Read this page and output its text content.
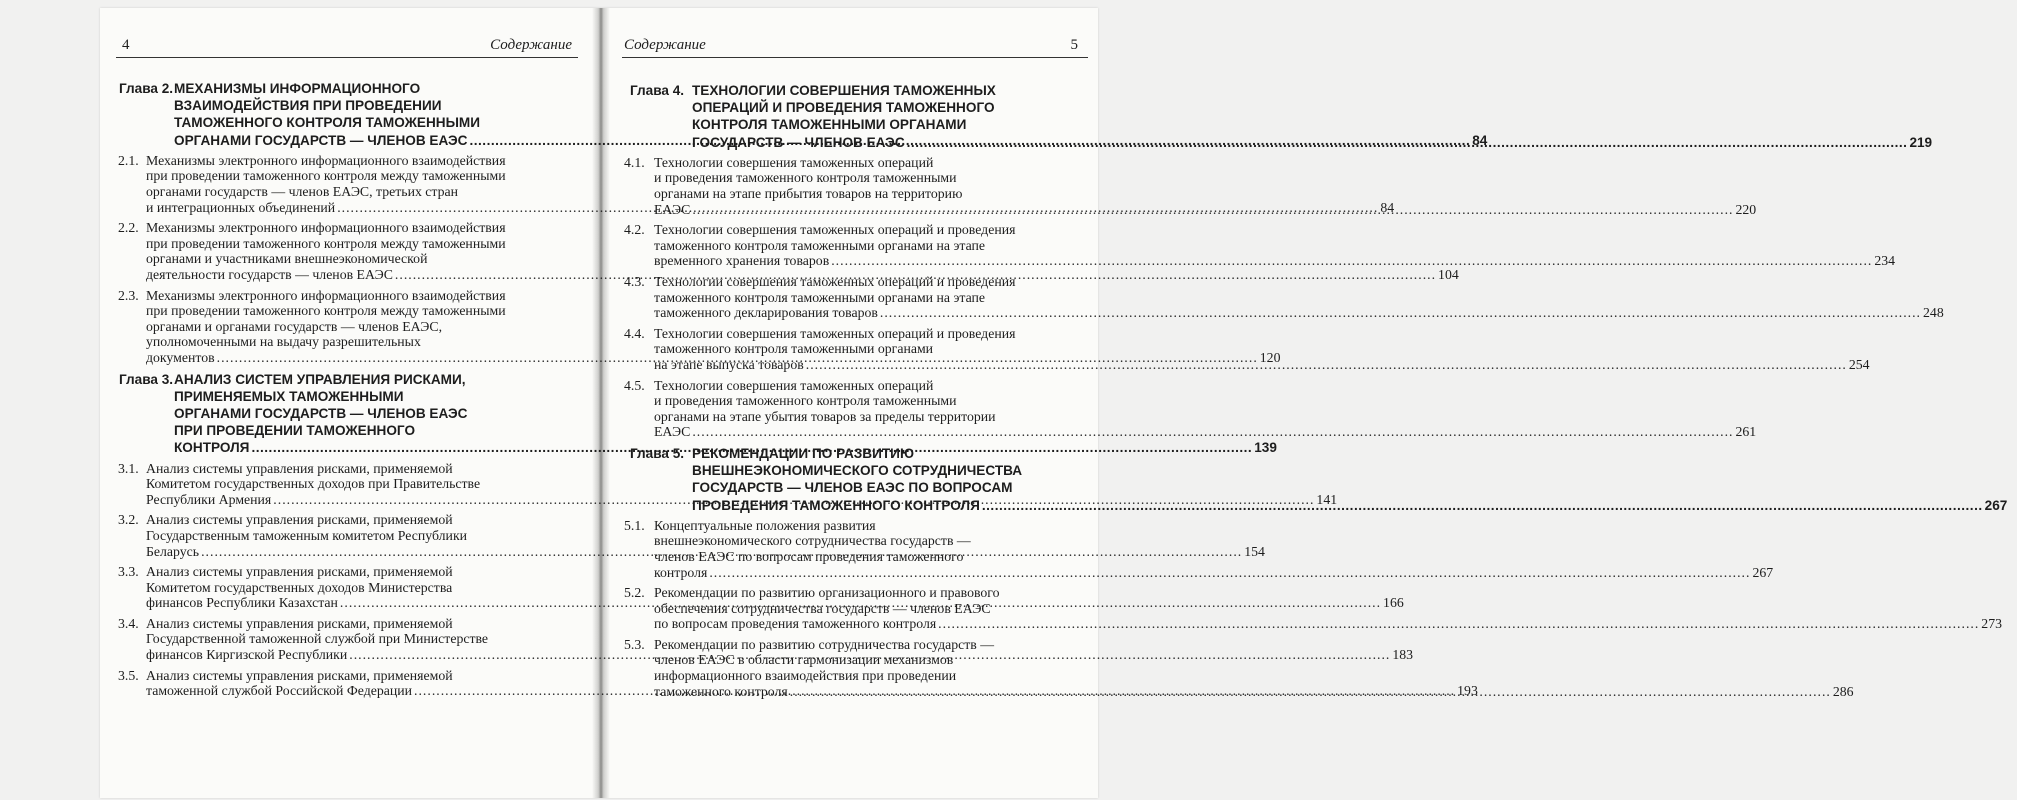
4	Содержание
Глава 2. МЕХАНИЗМЫ ИНФОРМАЦИОННОГО
ВЗАИМОДЕЙСТВИЯ ПРИ ПРОВЕДЕНИИ
ТАМОЖЕННОГО КОНТРОЛЯ ТАМОЖЕННЫМИ
ОРГАНАМИ ГОСУДАРСТВ — ЧЛЕНОВ ЕАЭС .....	84
2.1. Механизмы электронного информационного взаимодействия
при проведении таможенного контроля между таможенными
органами государств — членов ЕАЭС, третьих стран
и интеграционных объединений .....	84
2.2. Механизмы электронного информационного взаимодействия
при проведении таможенного контроля между таможенными
органами и участниками внешнеэкономической
деятельности государств — членов ЕАЭС .....	104
2.3. Механизмы электронного информационного взаимодействия
при проведении таможенного контроля между таможенными
органами и органами государств — членов ЕАЭС,
уполномоченными на выдачу разрешительных
документов .....	120
Глава 3. АНАЛИЗ СИСТЕМ УПРАВЛЕНИЯ РИСКАМИ,
ПРИМЕНЯЕМЫХ ТАМОЖЕННЫМИ
ОРГАНАМИ ГОСУДАРСТВ — ЧЛЕНОВ ЕАЭС
ПРИ ПРОВЕДЕНИИ ТАМОЖЕННОГО
КОНТРОЛЯ .....	139
3.1. Анализ системы управления рисками, применяемой
Комитетом государственных доходов при Правительстве
Республики Армения .....	141
3.2. Анализ системы управления рисками, применяемой
Государственным таможенным комитетом Республики
Беларусь .....	154
3.3. Анализ системы управления рисками, применяемой
Комитетом государственных доходов Министерства
финансов Республики Казахстан .....	166
3.4. Анализ системы управления рисками, применяемой
Государственной таможенной службой при Министерстве
финансов Киргизской Республики .....	183
3.5. Анализ системы управления рисками, применяемой
таможенной службой Российской Федерации .....	193
Содержание	5
Глава 4. ТЕХНОЛОГИИ СОВЕРШЕНИЯ ТАМОЖЕННЫХ
ОПЕРАЦИЙ И ПРОВЕДЕНИЯ ТАМОЖЕННОГО
КОНТРОЛЯ ТАМОЖЕННЫМИ ОРГАНАМИ
ГОСУДАРСТВ — ЧЛЕНОВ ЕАЭС .....	219
4.1. Технологии совершения таможенных операций
и проведения таможенного контроля таможенными
органами на этапе прибытия товаров на территорию
ЕАЭС .....	220
4.2. Технологии совершения таможенных операций и проведения
таможенного контроля таможенными органами на этапе
временного хранения товаров .....	234
4.3. Технологии совершения таможенных операций и проведения
таможенного контроля таможенными органами на этапе
таможенного декларирования товаров .....	248
4.4. Технологии совершения таможенных операций и проведения
таможенного контроля таможенными органами
на этапе выпуска товаров .....	254
4.5. Технологии совершения таможенных операций
и проведения таможенного контроля таможенными
органами на этапе убытия товаров за пределы территории
ЕАЭС .....	261
Глава 5. РЕКОМЕНДАЦИИ ПО РАЗВИТИЮ
ВНЕШНЕЭКОНОМИЧЕСКОГО СОТРУДНИЧЕСТВА
ГОСУДАРСТВ — ЧЛЕНОВ ЕАЭС ПО ВОПРОСАМ
ПРОВЕДЕНИЯ ТАМОЖЕННОГО КОНТРОЛЯ .....	267
5.1. Концептуальные положения развития
внешнеэкономического сотрудничества государств —
членов ЕАЭС по вопросам проведения таможенного
контроля .....	267
5.2. Рекомендации по развитию организационного и правового
обеспечения сотрудничества государств — членов ЕАЭС
по вопросам проведения таможенного контроля .....	273
5.3. Рекомендации по развитию сотрудничества государств —
членов ЕАЭС в области гармонизации механизмов
информационного взаимодействия при проведении
таможенного контроля .....	286
